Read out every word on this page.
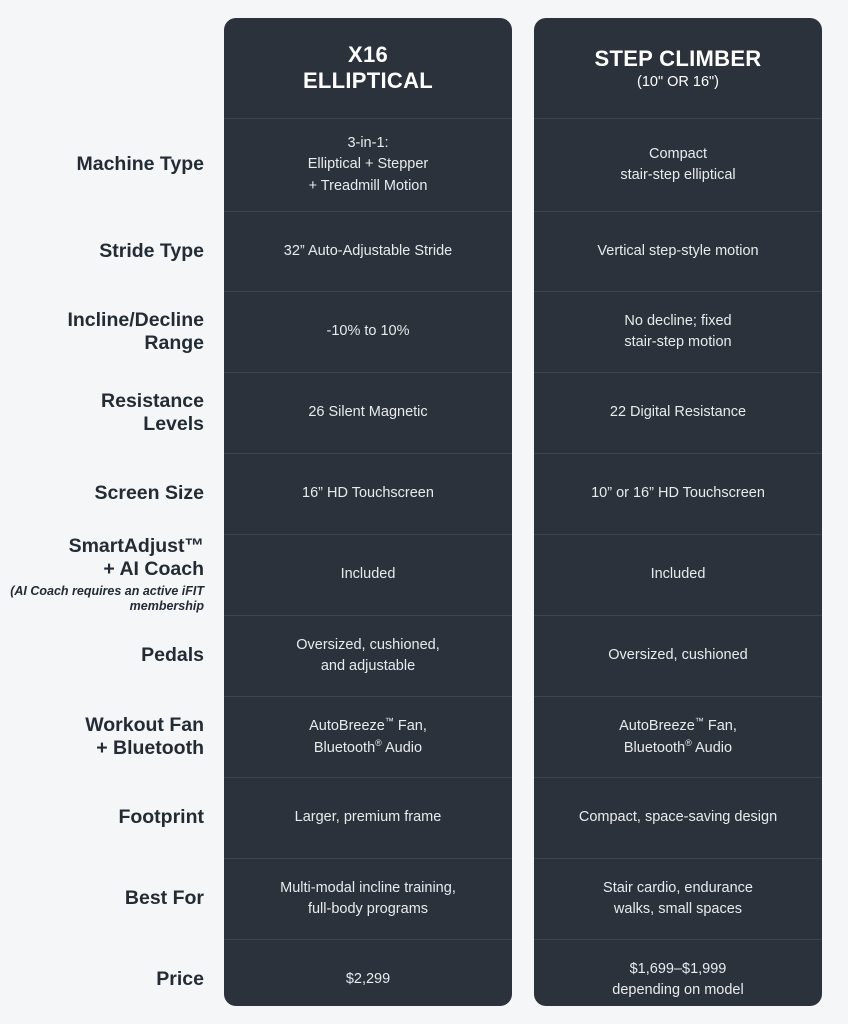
Machine Type
Stride Type
Incline/Decline
Range
Resistance
Levels
Screen Size
SmartAdjust™
+ AI Coach
(AI Coach requires an active iFIT membership
Pedals
Workout Fan
+ Bluetooth
Footprint
Best For
Price
X16
ELLIPTICAL
3-in-1:
Elliptical + Stepper
+ Treadmill Motion
32” Auto-Adjustable Stride
-10% to 10%
26 Silent Magnetic
16” HD Touchscreen
Included
Oversized, cushioned,
and adjustable
AutoBreeze™ Fan,
Bluetooth® Audio
Larger, premium frame
Multi-modal incline training,
full-body programs
$2,299
STEP CLIMBER
(10" OR 16")
Compact
stair-step elliptical
Vertical step-style motion
No decline; fixed
stair-step motion
22 Digital Resistance
10” or 16” HD Touchscreen
Included
Oversized, cushioned
AutoBreeze™ Fan,
Bluetooth® Audio
Compact, space-saving design
Stair cardio, endurance
walks, small spaces
$1,699–$1,999
depending on model
